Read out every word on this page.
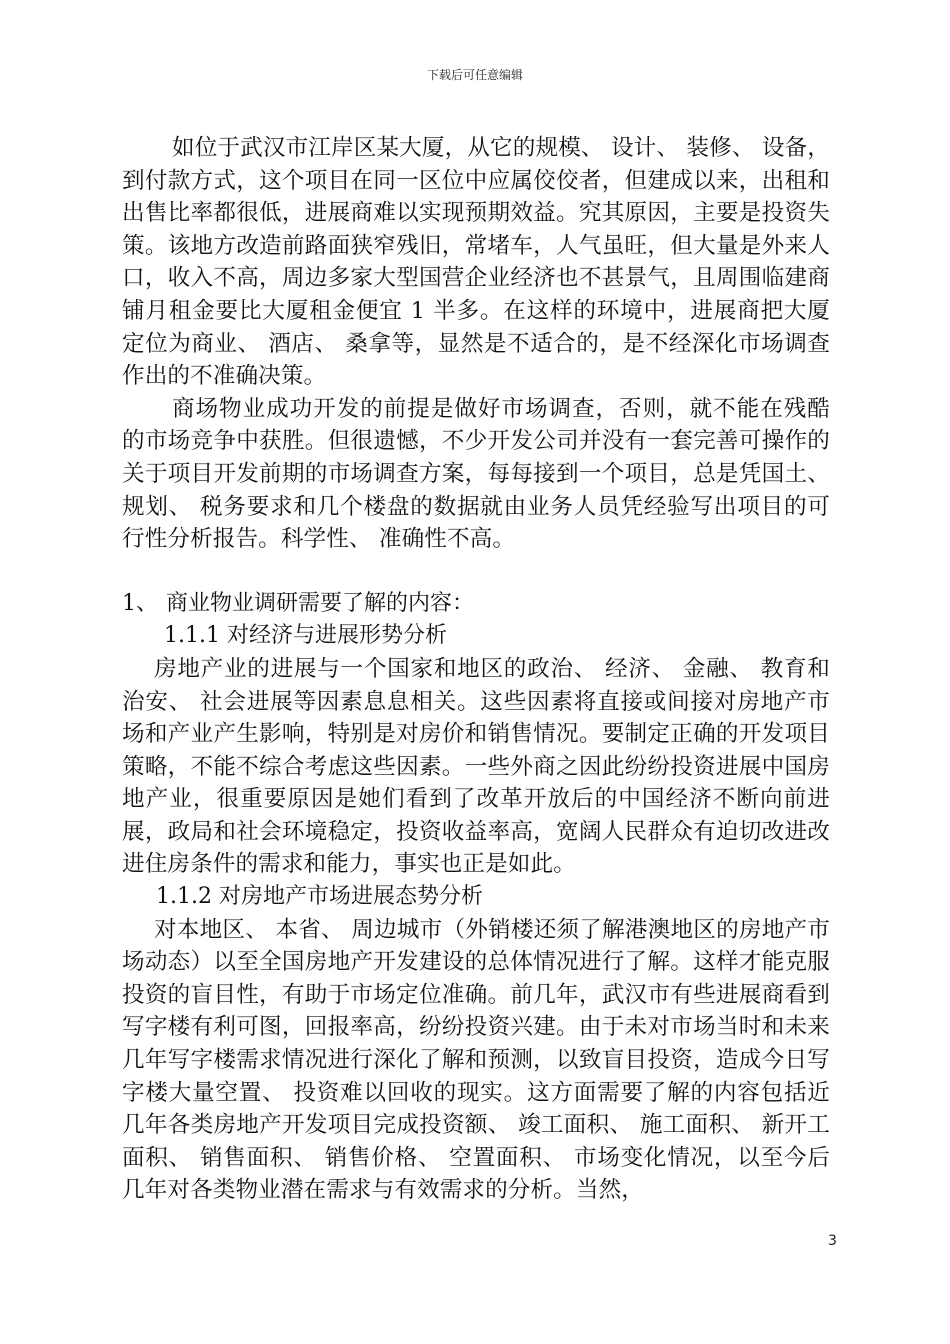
下载后可任意编辑

如位于武汉市江岸区某大厦，从它的规模、 设计、 装修、 设备，到付款方式，这个项目在同一区位中应属佼佼者，但建成以来，出租和出售比率都很低，进展商难以实现预期效益。究其原因，主要是投资失策。该地方改造前路面狭窄残旧，常堵车，人气虽旺，但大量是外来人口，收入不高，周边多家大型国营企业经济也不甚景气，且周围临建商铺月租金要比大厦租金便宜 1 半多。在这样的环境中，进展商把大厦定位为商业、 酒店、 桑拿等，显然是不适合的，是不经深化市场调查作出的不准确决策。

商场物业成功开发的前提是做好市场调查，否则，就不能在残酷的市场竞争中获胜。但很遗憾，不少开发公司并没有一套完善可操作的关于项目开发前期的市场调查方案，每每接到一个项目，总是凭国土、 规划、 税务要求和几个楼盘的数据就由业务人员凭经验写出项目的可行性分析报告。科学性、 准确性不高。

1、 商业物业调研需要了解的内容：

1.1.1 对经济与进展形势分析

房地产业的进展与一个国家和地区的政治、 经济、 金融、 教育和治安、 社会进展等因素息息相关。这些因素将直接或间接对房地产市场和产业产生影响，特别是对房价和销售情况。要制定正确的开发项目策略，不能不综合考虑这些因素。一些外商之因此纷纷投资进展中国房地产业，很重要原因是她们看到了改革开放后的中国经济不断向前进展，政局和社会环境稳定，投资收益率高，宽阔人民群众有迫切改进改进住房条件的需求和能力，事实也正是如此。

1.1.2 对房地产市场进展态势分析

对本地区、 本省、 周边城市（外销楼还须了解港澳地区的房地产市场动态）以至全国房地产开发建设的总体情况进行了解。这样才能克服投资的盲目性，有助于市场定位准确。前几年，武汉市有些进展商看到写字楼有利可图，回报率高，纷纷投资兴建。由于未对市场当时和未来几年写字楼需求情况进行深化了解和预测，以致盲目投资，造成今日写字楼大量空置、 投资难以回收的现实。这方面需要了解的内容包括近几年各类房地产开发项目完成投资额、 竣工面积、 施工面积、 新开工面积、 销售面积、 销售价格、 空置面积、 市场变化情况，以至今后几年对各类物业潜在需求与有效需求的分析。当然，

3
